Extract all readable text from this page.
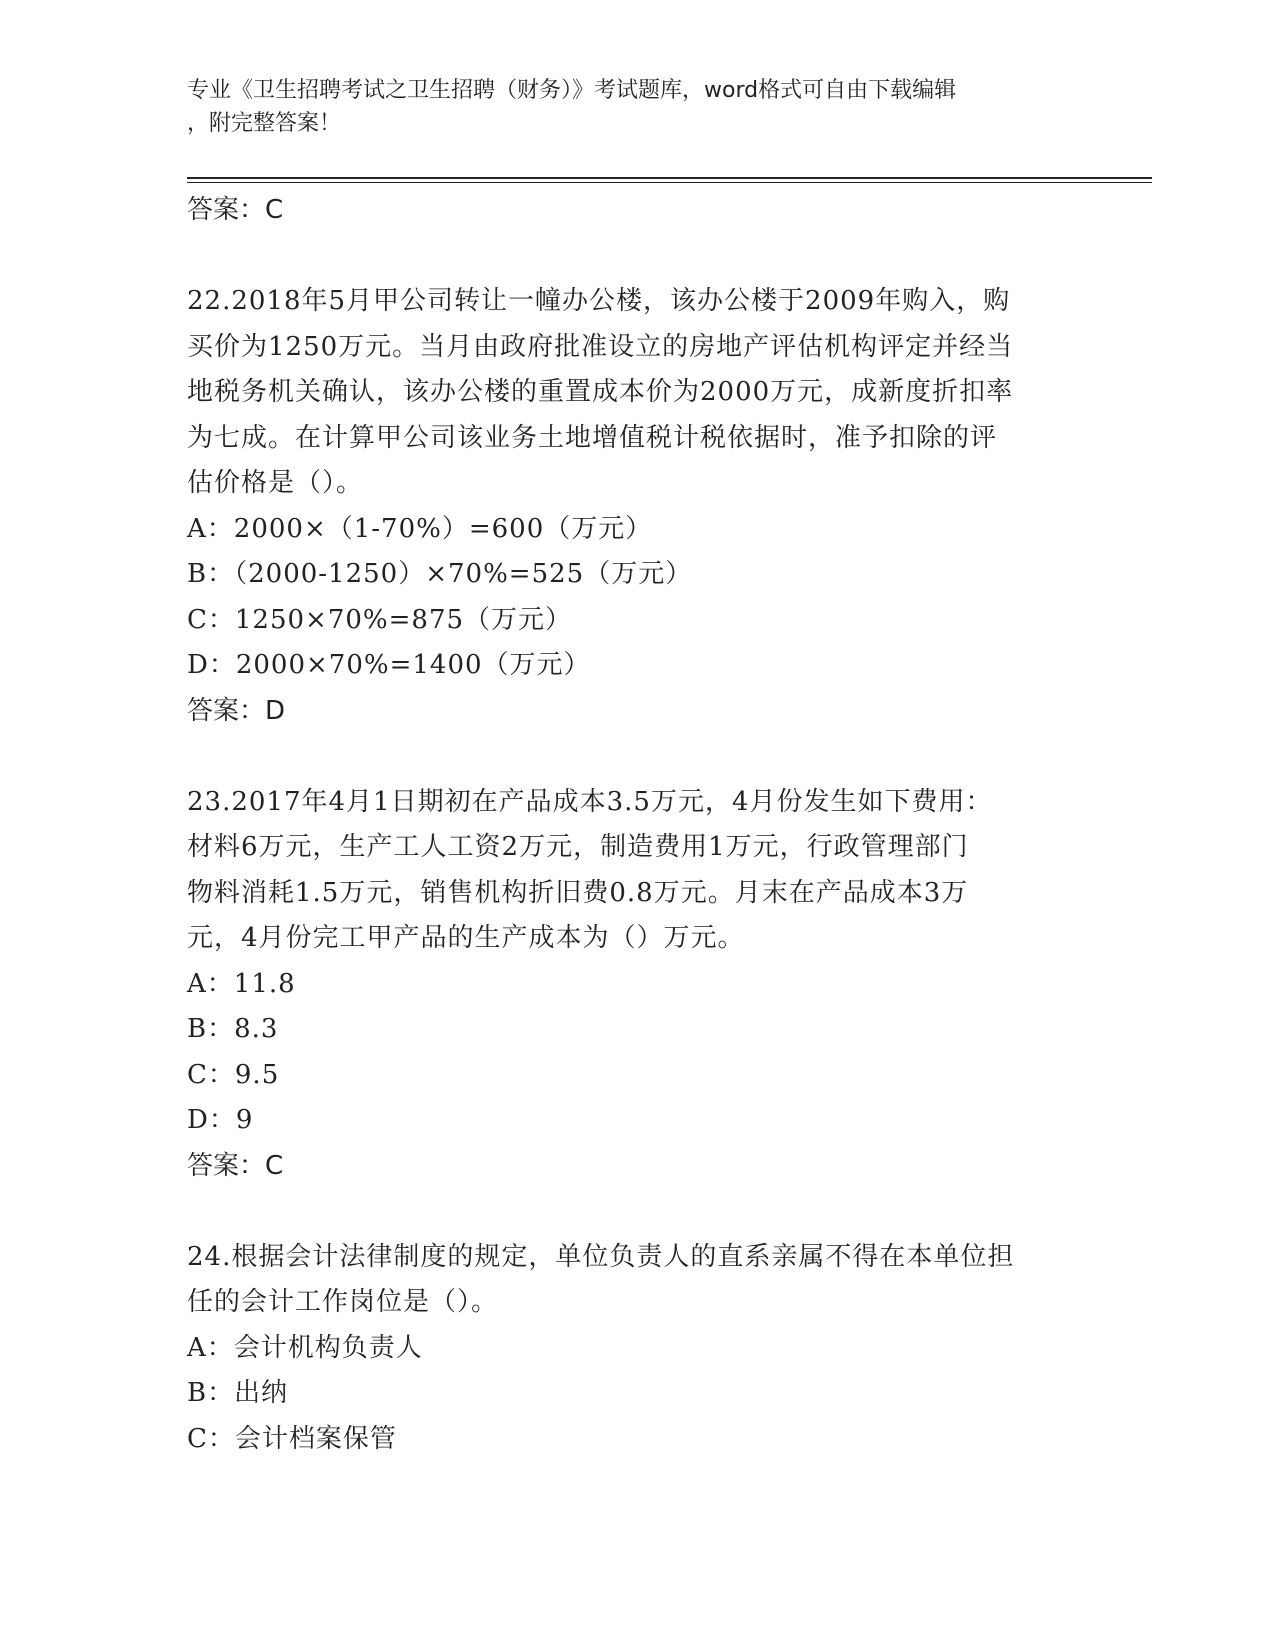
专业《卫生招聘考试之卫生招聘（财务）》考试题库，word格式可自由下载编辑
，附完整答案！
答案：C
22.2018年5月甲公司转让一幢办公楼，该办公楼于2009年购入，购
买价为1250万元。当月由政府批准设立的房地产评估机构评定并经当
地税务机关确认，该办公楼的重置成本价为2000万元，成新度折扣率
为七成。在计算甲公司该业务土地增值税计税依据时，准予扣除的评
估价格是（）。
A：2000×（1-70%）=600（万元）
B：（2000-1250）×70%=525（万元）
C：1250×70%=875（万元）
D：2000×70%=1400（万元）
答案：D
23.2017年4月1日期初在产品成本3.5万元，4月份发生如下费用：
材料6万元，生产工人工资2万元，制造费用1万元，行政管理部门
物料消耗1.5万元，销售机构折旧费0.8万元。月末在产品成本3万
元，4月份完工甲产品的生产成本为（）万元。
A：11.8
B：8.3
C：9.5
D：9
答案：C
24.根据会计法律制度的规定，单位负责人的直系亲属不得在本单位担
任的会计工作岗位是（）。
A：会计机构负责人
B：出纳
C：会计档案保管
